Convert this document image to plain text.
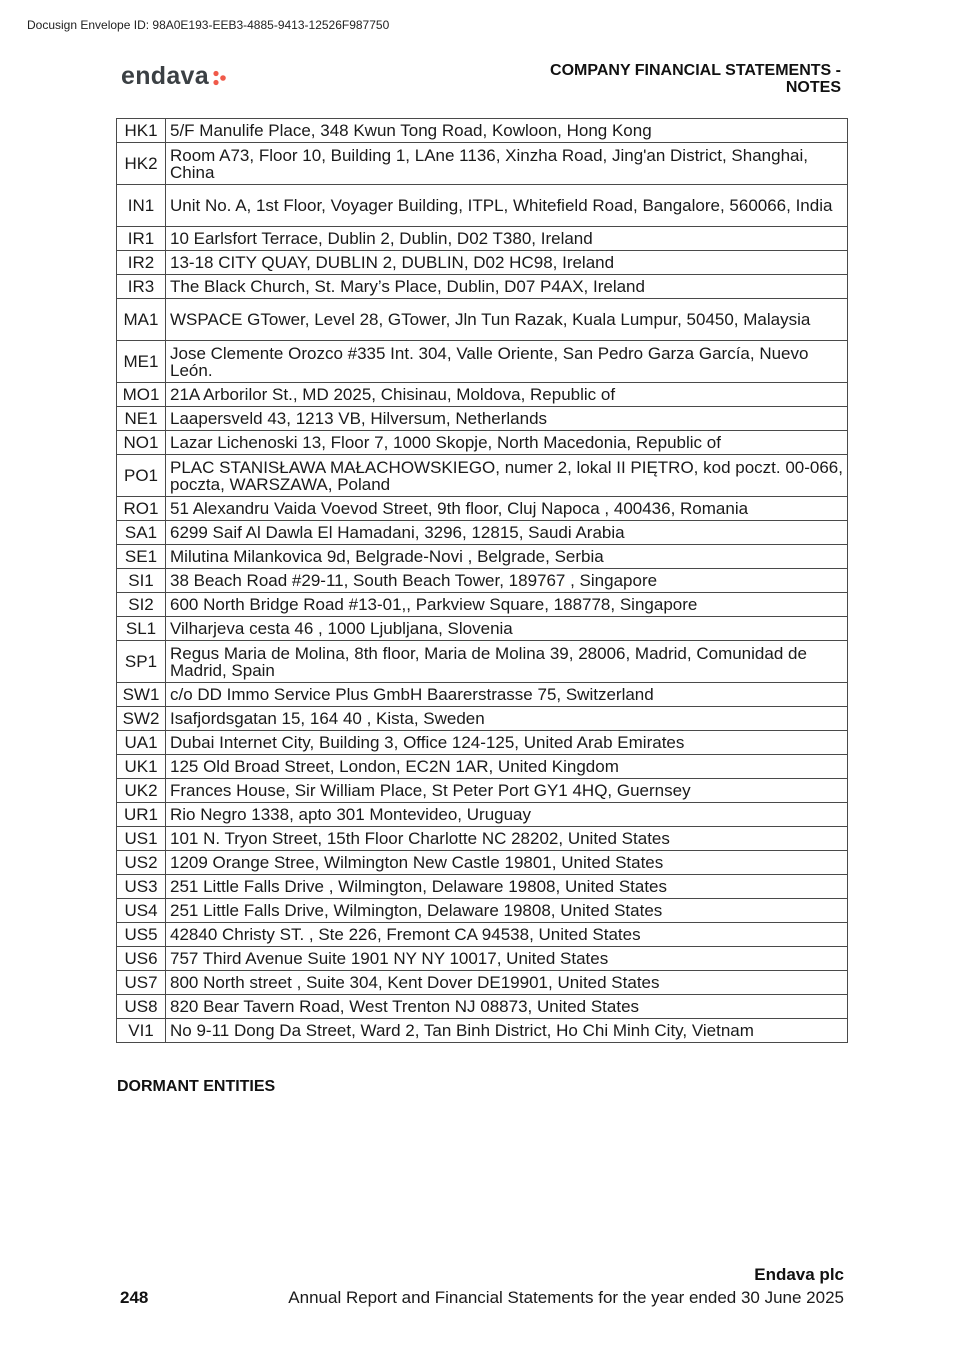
Docusign Envelope ID: 98A0E193-EEB3-4885-9413-12526F987750
endava	COMPANY FINANCIAL STATEMENTS -
NOTES
HK1	5/F Manulife Place, 348 Kwun Tong Road, Kowloon, Hong Kong
HK2	Room A73, Floor 10, Building 1, LAne 1136, Xinzha Road, Jing'an District, Shanghai, China
IN1	Unit No. A, 1st Floor, Voyager Building, ITPL, Whitefield Road, Bangalore, 560066, India
IR1	10 Earlsfort Terrace, Dublin 2, Dublin, D02 T380, Ireland
IR2	13-18 CITY QUAY, DUBLIN 2, DUBLIN, D02 HC98, Ireland
IR3	The Black Church, St. Mary’s Place, Dublin, D07 P4AX, Ireland
MA1	WSPACE GTower, Level 28, GTower, Jln Tun Razak, Kuala Lumpur, 50450, Malaysia
ME1	Jose Clemente Orozco #335 Int. 304, Valle Oriente, San Pedro Garza García, Nuevo León.
MO1	21A Arborilor St., MD 2025, Chisinau, Moldova, Republic of
NE1	Laapersveld 43, 1213 VB, Hilversum, Netherlands
NO1	Lazar Lichenoski 13, Floor 7, 1000 Skopje, North Macedonia, Republic of
PO1	PLAC STANISŁAWA MAŁACHOWSKIEGO, numer 2, lokal II PIĘTRO, kod poczt. 00-066, poczta, WARSZAWA, Poland
RO1	51 Alexandru Vaida Voevod Street, 9th floor, Cluj Napoca , 400436, Romania
SA1	6299 Saif Al Dawla El Hamadani, 3296, 12815, Saudi Arabia
SE1	Milutina Milankovica 9d, Belgrade-Novi , Belgrade, Serbia
SI1	38 Beach Road #29-11, South Beach Tower, 189767 , Singapore
SI2	600 North Bridge Road #13-01,, Parkview Square, 188778, Singapore
SL1	Vilharjeva cesta 46 , 1000 Ljubljana, Slovenia
SP1	Regus Maria de Molina, 8th floor, Maria de Molina 39, 28006, Madrid, Comunidad de Madrid, Spain
SW1	c/o DD Immo Service Plus GmbH Baarerstrasse 75, Switzerland
SW2	Isafjordsgatan 15, 164 40 , Kista, Sweden
UA1	Dubai Internet City, Building 3, Office 124-125, United Arab Emirates
UK1	125 Old Broad Street, London, EC2N 1AR, United Kingdom
UK2	Frances House, Sir William Place, St Peter Port GY1 4HQ, Guernsey
UR1	Rio Negro 1338, apto 301 Montevideo, Uruguay
US1	101 N. Tryon Street, 15th Floor Charlotte NC 28202, United States
US2	1209 Orange Stree, Wilmington New Castle 19801, United States
US3	251 Little Falls Drive , Wilmington, Delaware 19808, United States
US4	251 Little Falls Drive, Wilmington, Delaware 19808, United States
US5	42840 Christy ST. , Ste 226, Fremont CA 94538, United States
US6	757 Third Avenue Suite 1901 NY NY 10017, United States
US7	800 North street , Suite 304, Kent Dover DE19901, United States
US8	820 Bear Tavern Road, West Trenton NJ 08873, United States
VI1	No 9-11 Dong Da Street, Ward 2, Tan Binh District, Ho Chi Minh City, Vietnam
DORMANT ENTITIES
Endava plc
248	Annual Report and Financial Statements for the year ended 30 June 2025
